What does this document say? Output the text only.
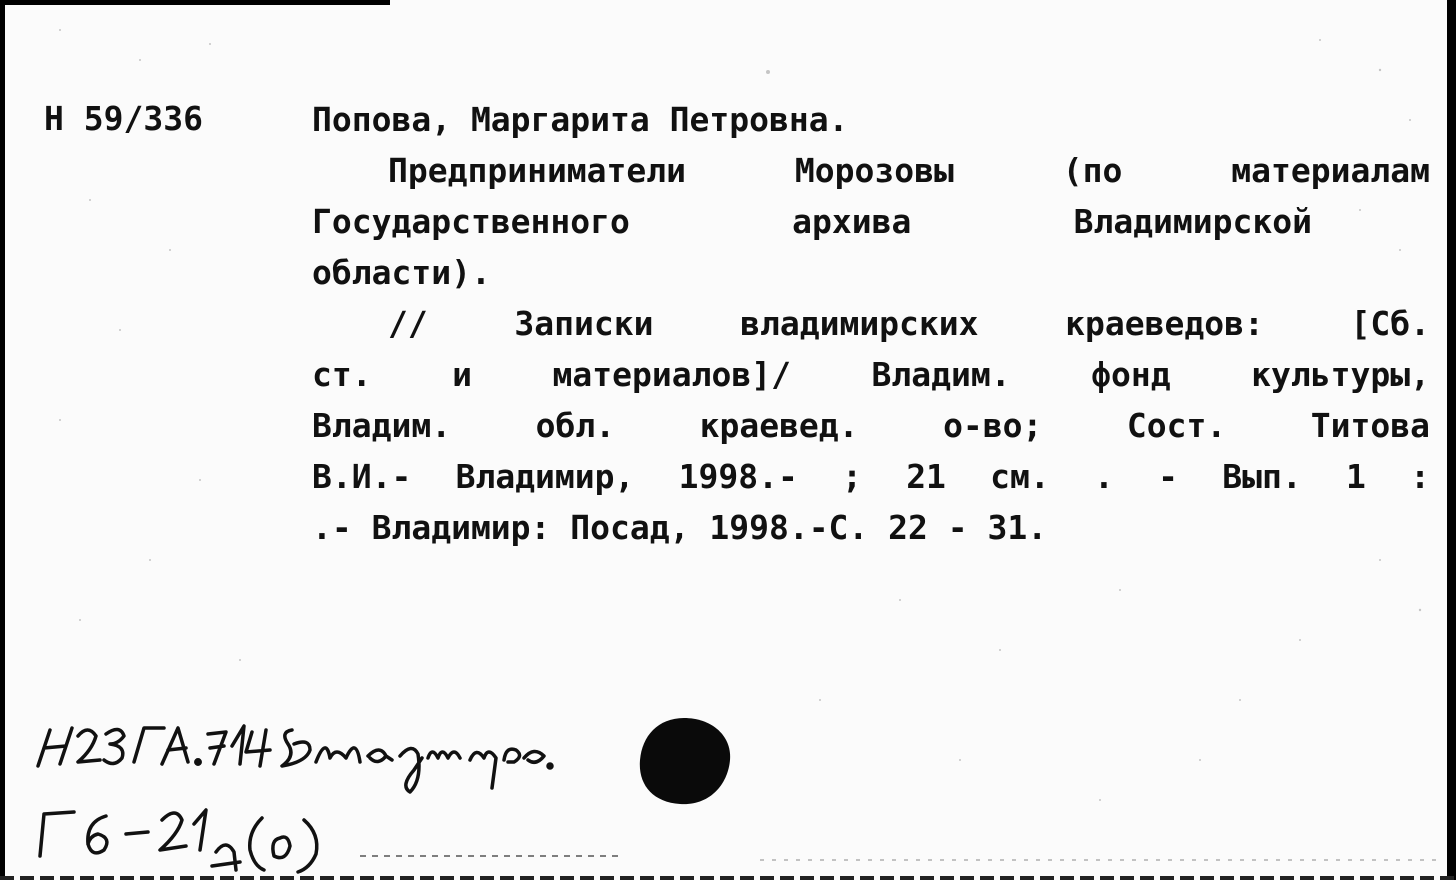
Н 59/336	Попова, Маргарита Петровна.
Предприниматели	Морозовы	(по	материалам
Государственного	архива	Владимирской
области).
//	Записки	владимирских	краеведов:	[Сб.
ст. и материалов]/ Владим. фонд культуры,
Владим.	обл.	краевед.	о-во;	Сост.	Титова
В.И.- Владимир, 1998.- ; 21 см. . - Вып. 1 :
.- Владимир: Посад, 1998.-С. 22 - 31.
